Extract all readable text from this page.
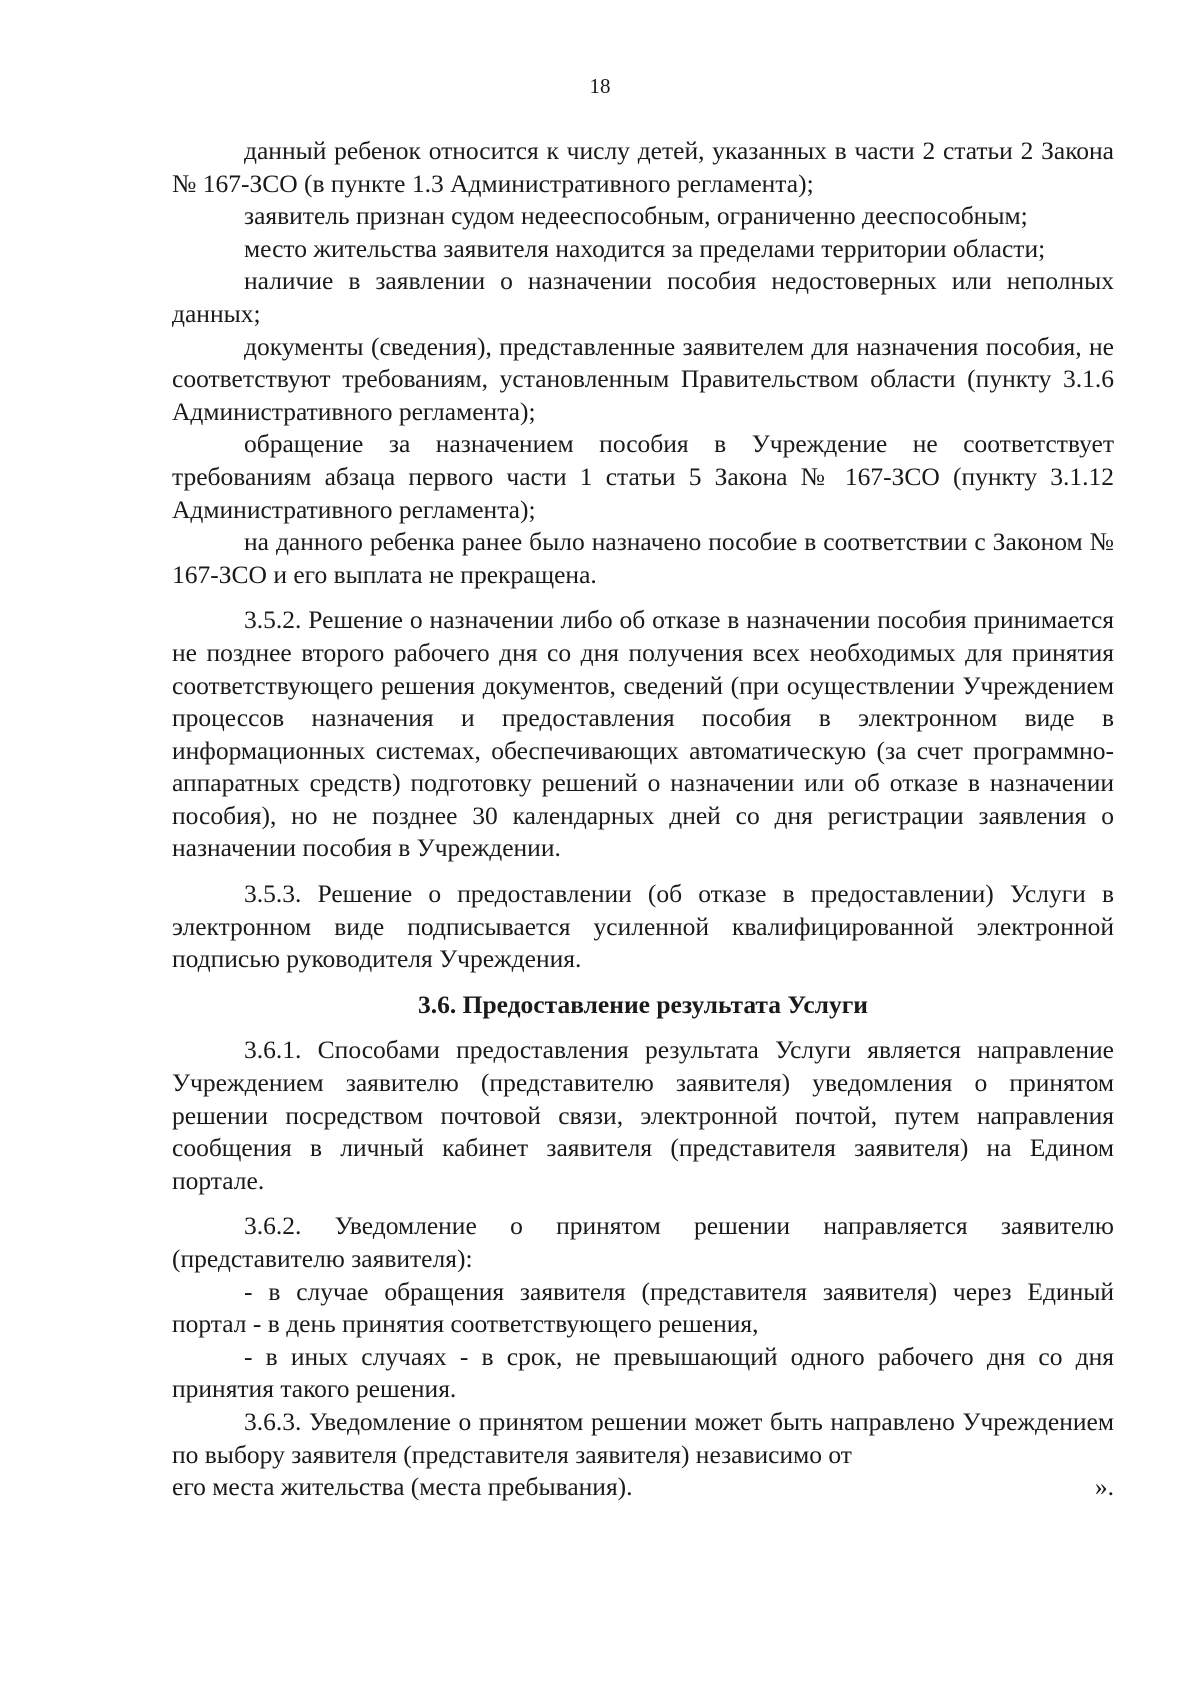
18

данный ребенок относится к числу детей, указанных в части 2 статьи 2 Закона № 167-ЗСО (в пункте 1.3 Административного регламента);

заявитель признан судом недееспособным, ограниченно дееспособным;

место жительства заявителя находится за пределами территории области;

наличие в заявлении о назначении пособия недостоверных или неполных данных;

документы (сведения), представленные заявителем для назначения пособия, не соответствуют требованиям, установленным Правительством области (пункту 3.1.6 Административного регламента);

обращение за назначением пособия в Учреждение не соответствует требованиям абзаца первого части 1 статьи 5 Закона № 167-ЗСО (пункту 3.1.12 Административного регламента);

на данного ребенка ранее было назначено пособие в соответствии с Законом № 167-ЗСО и его выплата не прекращена.

3.5.2. Решение о назначении либо об отказе в назначении пособия принимается не позднее второго рабочего дня со дня получения всех необходимых для принятия соответствующего решения документов, сведений (при осуществлении Учреждением процессов назначения и предоставления пособия в электронном виде в информационных системах, обеспечивающих автоматическую (за счет программно-аппаратных средств) подготовку решений о назначении или об отказе в назначении пособия), но не позднее 30 календарных дней со дня регистрации заявления о назначении пособия в Учреждении.

3.5.3. Решение о предоставлении (об отказе в предоставлении) Услуги в электронном виде подписывается усиленной квалифицированной электронной подписью руководителя Учреждения.

3.6. Предоставление результата Услуги

3.6.1. Способами предоставления результата Услуги является направление Учреждением заявителю (представителю заявителя) уведомления о принятом решении посредством почтовой связи, электронной почтой, путем направления сообщения в личный кабинет заявителя (представителя заявителя) на Едином портале.

3.6.2. Уведомление о принятом решении направляется заявителю (представителю заявителя):

- в случае обращения заявителя (представителя заявителя) через Единый портал - в день принятия соответствующего решения,

- в иных случаях - в срок, не превышающий одного рабочего дня со дня принятия такого решения.

3.6.3. Уведомление о принятом решении может быть направлено Учреждением по выбору заявителя (представителя заявителя) независимо от

его места жительства (места пребывания).	».
